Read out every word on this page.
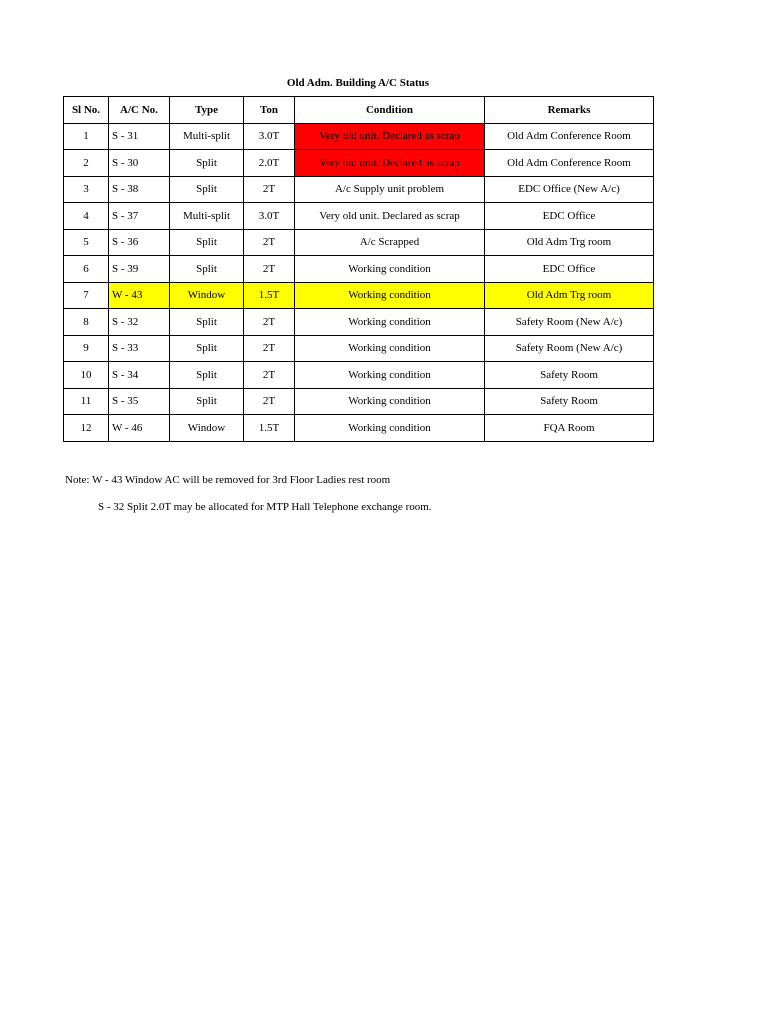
Old Adm. Building A/C Status
Sl No.	A/C No.	Type	Ton	Condition	Remarks
1	S - 31	Multi-split	3.0T	Very old unit. Declared as scrap	Old Adm Conference Room
2	S - 30	Split	2.0T	Very old unit. Declared as scrap	Old Adm Conference Room
3	S - 38	Split	2T	A/c Supply unit problem	EDC Office (New A/c)
4	S - 37	Multi-split	3.0T	Very old unit. Declared as scrap	EDC Office
5	S - 36	Split	2T	A/c Scrapped	Old Adm Trg room
6	S - 39	Split	2T	Working condition	EDC Office
7	W - 43	Window	1.5T	Working condition	Old Adm Trg room
8	S - 32	Split	2T	Working condition	Safety Room (New A/c)
9	S - 33	Split	2T	Working condition	Safety Room (New A/c)
10	S - 34	Split	2T	Working condition	Safety Room
11	S - 35	Split	2T	Working condition	Safety Room
12	W - 46	Window	1.5T	Working condition	FQA Room
Note: W - 43 Window AC will be removed for 3rd Floor Ladies rest room
S - 32 Split 2.0T may be allocated for MTP Hall Telephone exchange room.
